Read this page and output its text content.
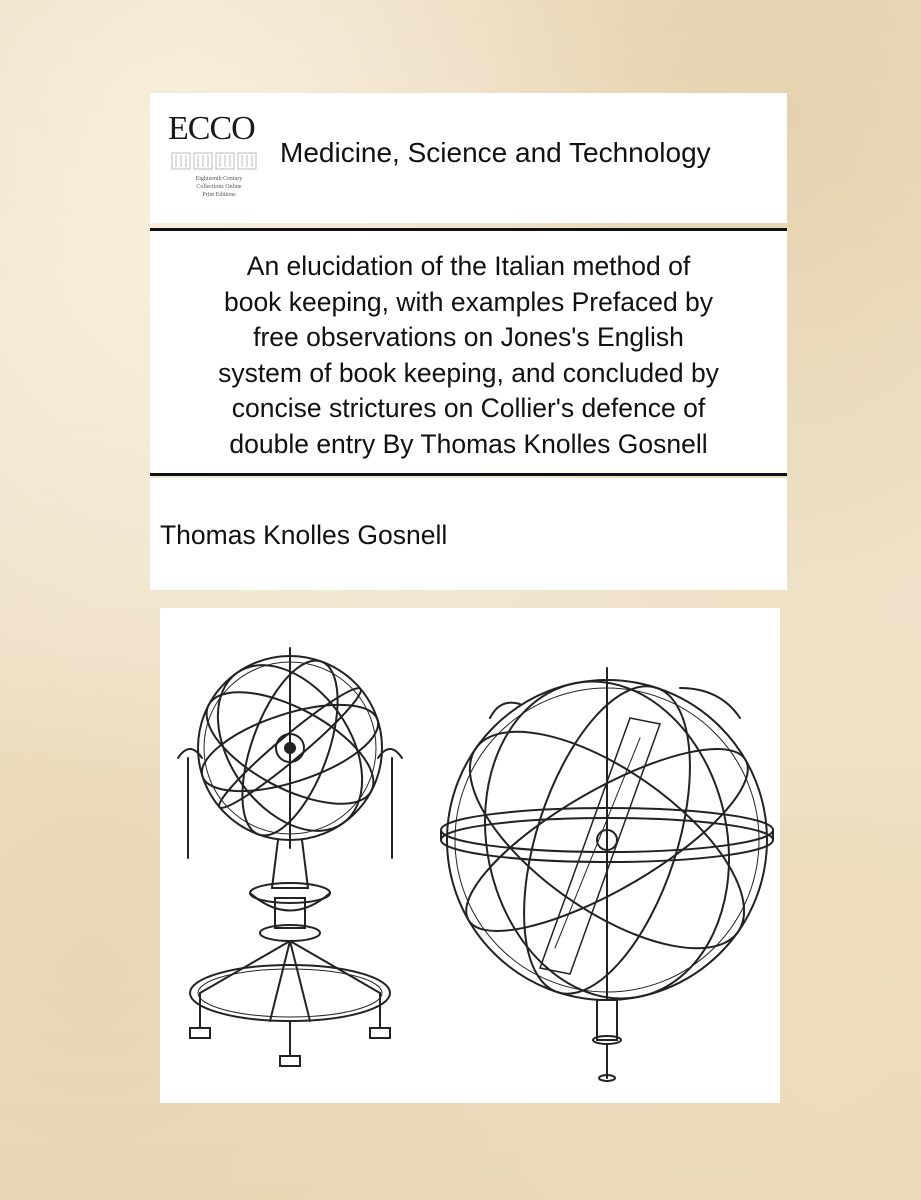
ECCO
Eighteenth Century
Collections Online
Print Editions
Medicine, Science and Technology
An elucidation of the Italian method of
book keeping, with examples Prefaced by
free observations on Jones's English
system of book keeping, and concluded by
concise strictures on Collier's defence of
double entry By Thomas Knolles Gosnell
Thomas Knolles Gosnell
